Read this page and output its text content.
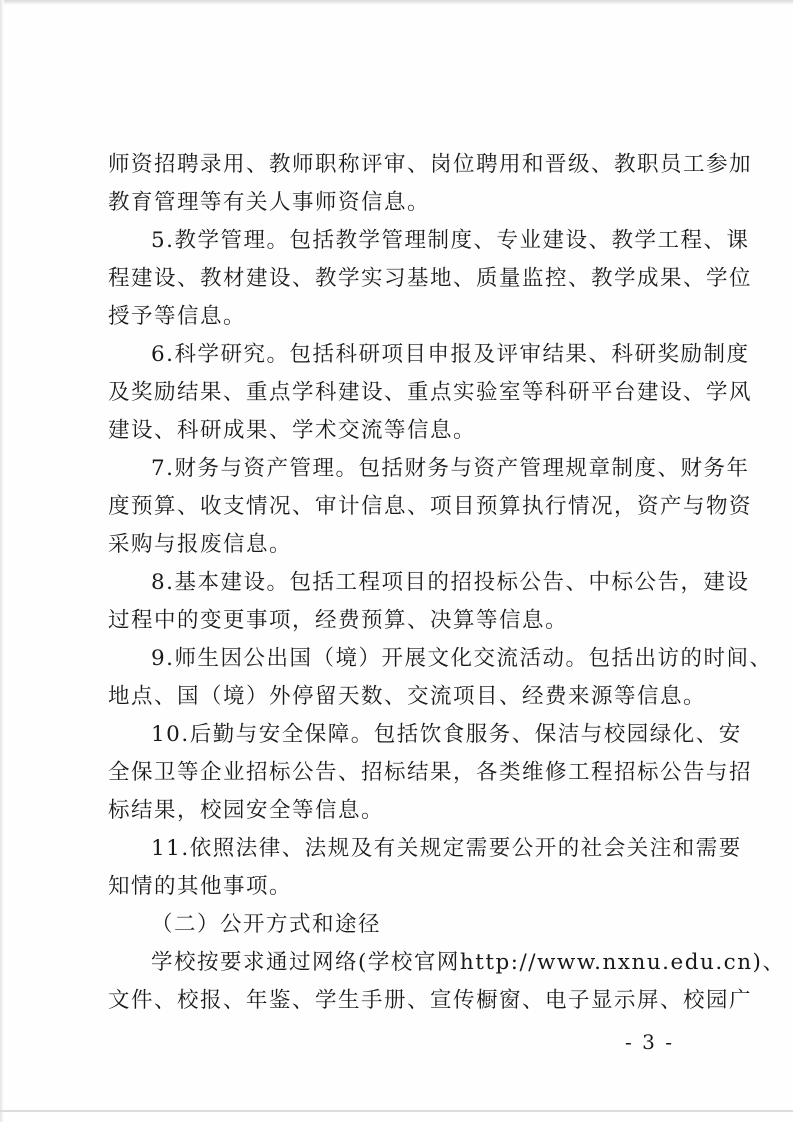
师资招聘录用、教师职称评审、岗位聘用和晋级、教职员工参加
教育管理等有关人事师资信息。

5.教学管理。包括教学管理制度、专业建设、教学工程、课
程建设、教材建设、教学实习基地、质量监控、教学成果、学位
授予等信息。

6.科学研究。包括科研项目申报及评审结果、科研奖励制度
及奖励结果、重点学科建设、重点实验室等科研平台建设、学风
建设、科研成果、学术交流等信息。

7.财务与资产管理。包括财务与资产管理规章制度、财务年
度预算、收支情况、审计信息、项目预算执行情况，资产与物资
采购与报废信息。

8.基本建设。包括工程项目的招投标公告、中标公告，建设
过程中的变更事项，经费预算、决算等信息。

9.师生因公出国（境）开展文化交流活动。包括出访的时间、
地点、国（境）外停留天数、交流项目、经费来源等信息。

10.后勤与安全保障。包括饮食服务、保洁与校园绿化、安
全保卫等企业招标公告、招标结果，各类维修工程招标公告与招
标结果，校园安全等信息。

11.依照法律、法规及有关规定需要公开的社会关注和需要
知情的其他事项。

（二）公开方式和途径

学校按要求通过网络(学校官网http://www.nxnu.edu.cn)、
文件、校报、年鉴、学生手册、宣传橱窗、电子显示屏、校园广

- 3 -
